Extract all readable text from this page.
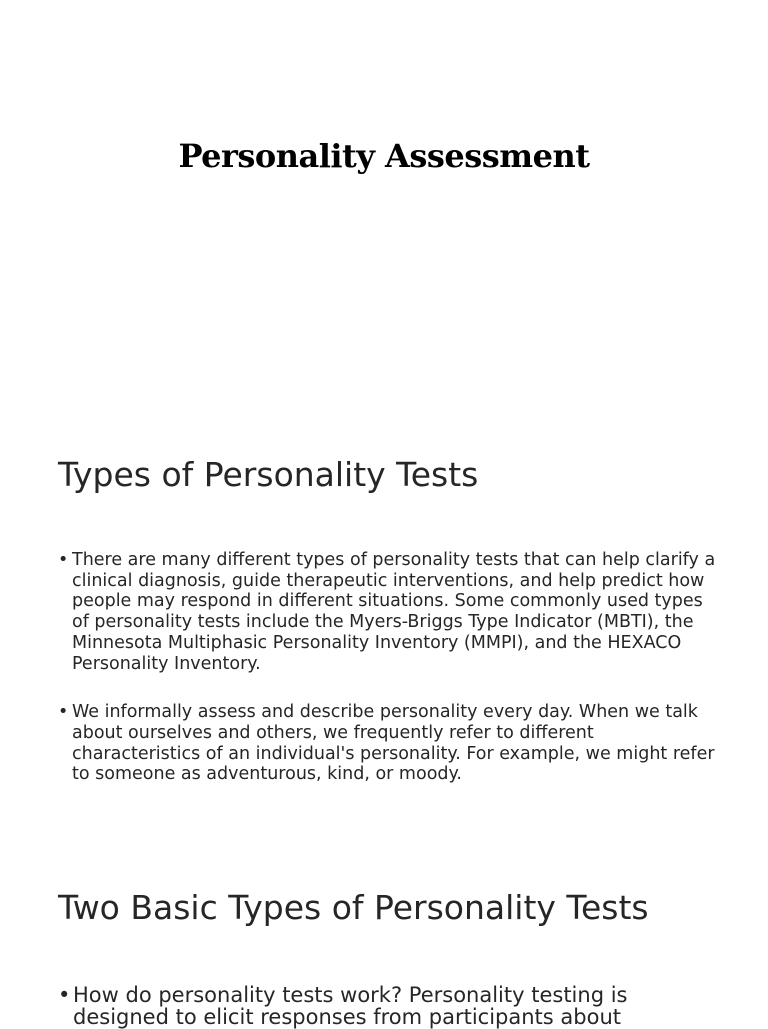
Personality Assessment
Types of Personality Tests
• There are many different types of personality tests that can help clarify a clinical diagnosis, guide therapeutic interventions, and help predict how people may respond in different situations. Some commonly used types of personality tests include the Myers-Briggs Type Indicator (MBTI), the Minnesota Multiphasic Personality Inventory (MMPI), and the HEXACO Personality Inventory.
• We informally assess and describe personality every day. When we talk about ourselves and others, we frequently refer to different characteristics of an individual's personality. For example, we might refer to someone as adventurous, kind, or moody.
Two Basic Types of Personality Tests
• How do personality tests work? Personality testing is designed to elicit responses from participants about
